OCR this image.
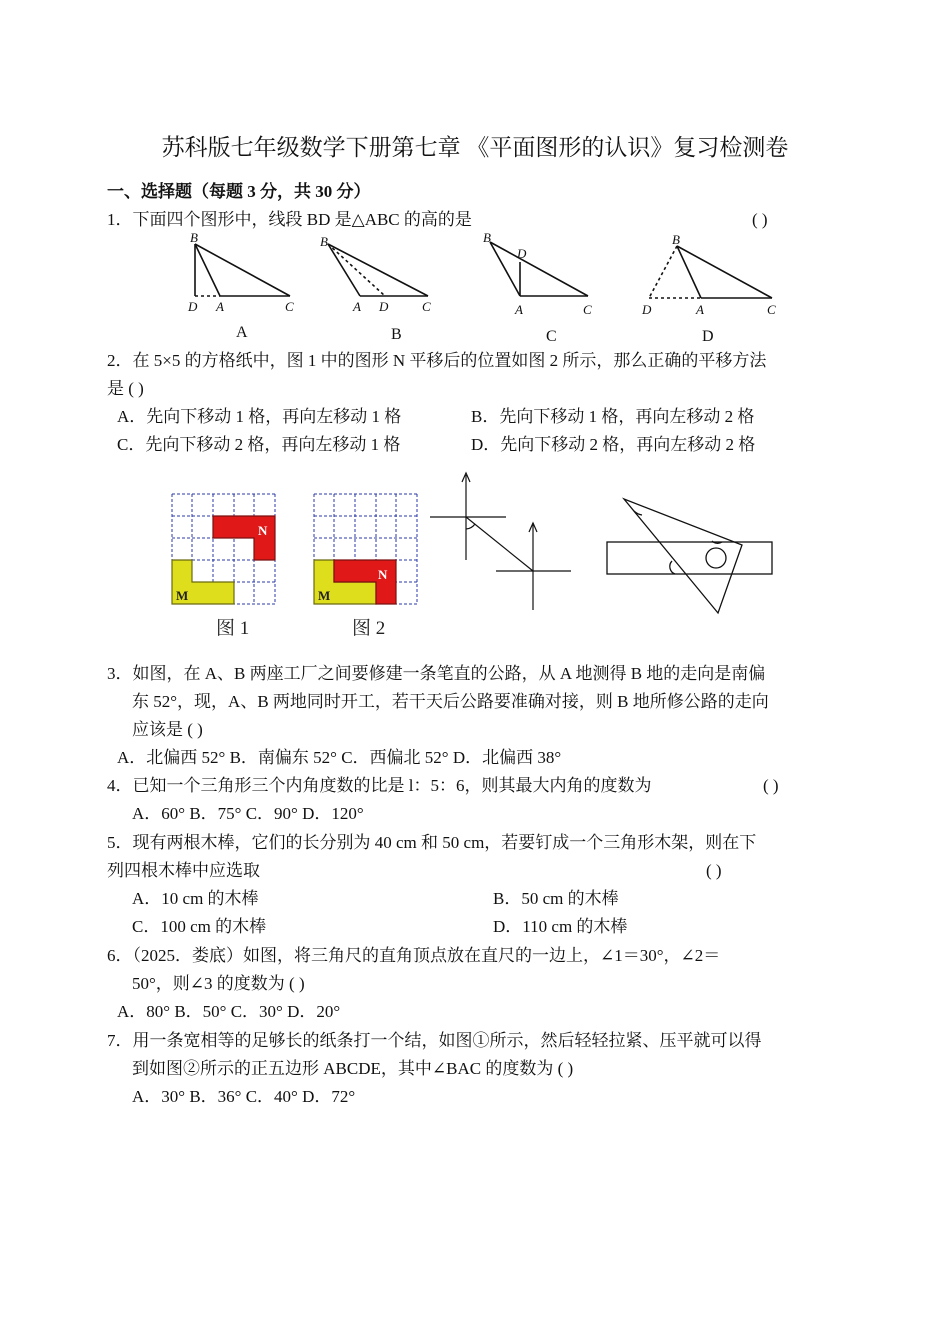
苏科版七年级数学下册第七章 《平面图形的认识》复习检测卷
一、选择题（每题 3 分，共 30 分）
1．下面四个图形中，线段 BD 是△ABC 的高的是	( )
B
D A	C
B
A D	C
B
D
A	C
B
D	A	C
A	B	C	D
2．在 5×5 的方格纸中，图 1 中的图形 N 平移后的位置如图 2 所示，那么正确的平移方法
是 ( )
A．先向下移动 1 格，再向左移动 1 格	B．先向下移动 1 格，再向左移动 2 格
C．先向下移动 2 格，再向左移动 1 格	D．先向下移动 2 格，再向左移动 2 格
N
M
图 1
N
M
图 2
3．如图，在 A、B 两座工厂之间要修建一条笔直的公路，从 A 地测得 B 地的走向是南偏
东 52°，现，A、B 两地同时开工，若干天后公路要准确对接，则 B 地所修公路的走向
应该是 ( )
A．北偏西 52° B．南偏东 52° C．西偏北 52° D．北偏西 38°
4．已知一个三角形三个内角度数的比是 l：5：6，则其最大内角的度数为	( )
A．60° B．75° C．90° D．120°
5．现有两根木棒，它们的长分别为 40 cm 和 50 cm，若要钉成一个三角形木架，则在下
列四根木棒中应选取	( )
A．10 cm 的木棒	B．50 cm 的木棒
C．100 cm 的木棒	D．110 cm 的木棒
6．（2025．娄底）如图，将三角尺的直角顶点放在直尺的一边上，∠1＝30°，∠2＝
50°，则∠3 的度数为 ( )
A．80° B．50° C．30° D．20°
7．用一条宽相等的足够长的纸条打一个结，如图①所示，然后轻轻拉紧、压平就可以得
到如图②所示的正五边形 ABCDE，其中∠BAC 的度数为 ( )
A．30° B．36° C．40° D．72°
